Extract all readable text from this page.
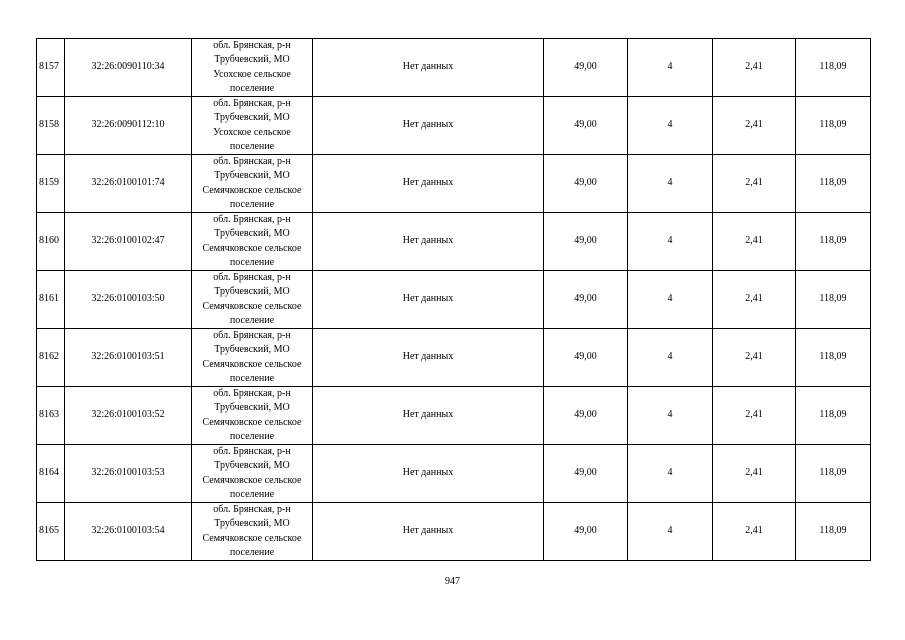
8157	32:26:0090110:34	обл. Брянская, р-н
Трубчевский, МО
Усохское сельское
поселение	Нет данных	49,00	4	2,41	118,09
8158	32:26:0090112:10	обл. Брянская, р-н
Трубчевский, МО
Усохское сельское
поселение	Нет данных	49,00	4	2,41	118,09
8159	32:26:0100101:74	обл. Брянская, р-н
Трубчевский, МО
Семячковское сельское
поселение	Нет данных	49,00	4	2,41	118,09
8160	32:26:0100102:47	обл. Брянская, р-н
Трубчевский, МО
Семячковское сельское
поселение	Нет данных	49,00	4	2,41	118,09
8161	32:26:0100103:50	обл. Брянская, р-н
Трубчевский, МО
Семячковское сельское
поселение	Нет данных	49,00	4	2,41	118,09
8162	32:26:0100103:51	обл. Брянская, р-н
Трубчевский, МО
Семячковское сельское
поселение	Нет данных	49,00	4	2,41	118,09
8163	32:26:0100103:52	обл. Брянская, р-н
Трубчевский, МО
Семячковское сельское
поселение	Нет данных	49,00	4	2,41	118,09
8164	32:26:0100103:53	обл. Брянская, р-н
Трубчевский, МО
Семячковское сельское
поселение	Нет данных	49,00	4	2,41	118,09
8165	32:26:0100103:54	обл. Брянская, р-н
Трубчевский, МО
Семячковское сельское
поселение	Нет данных	49,00	4	2,41	118,09
947
